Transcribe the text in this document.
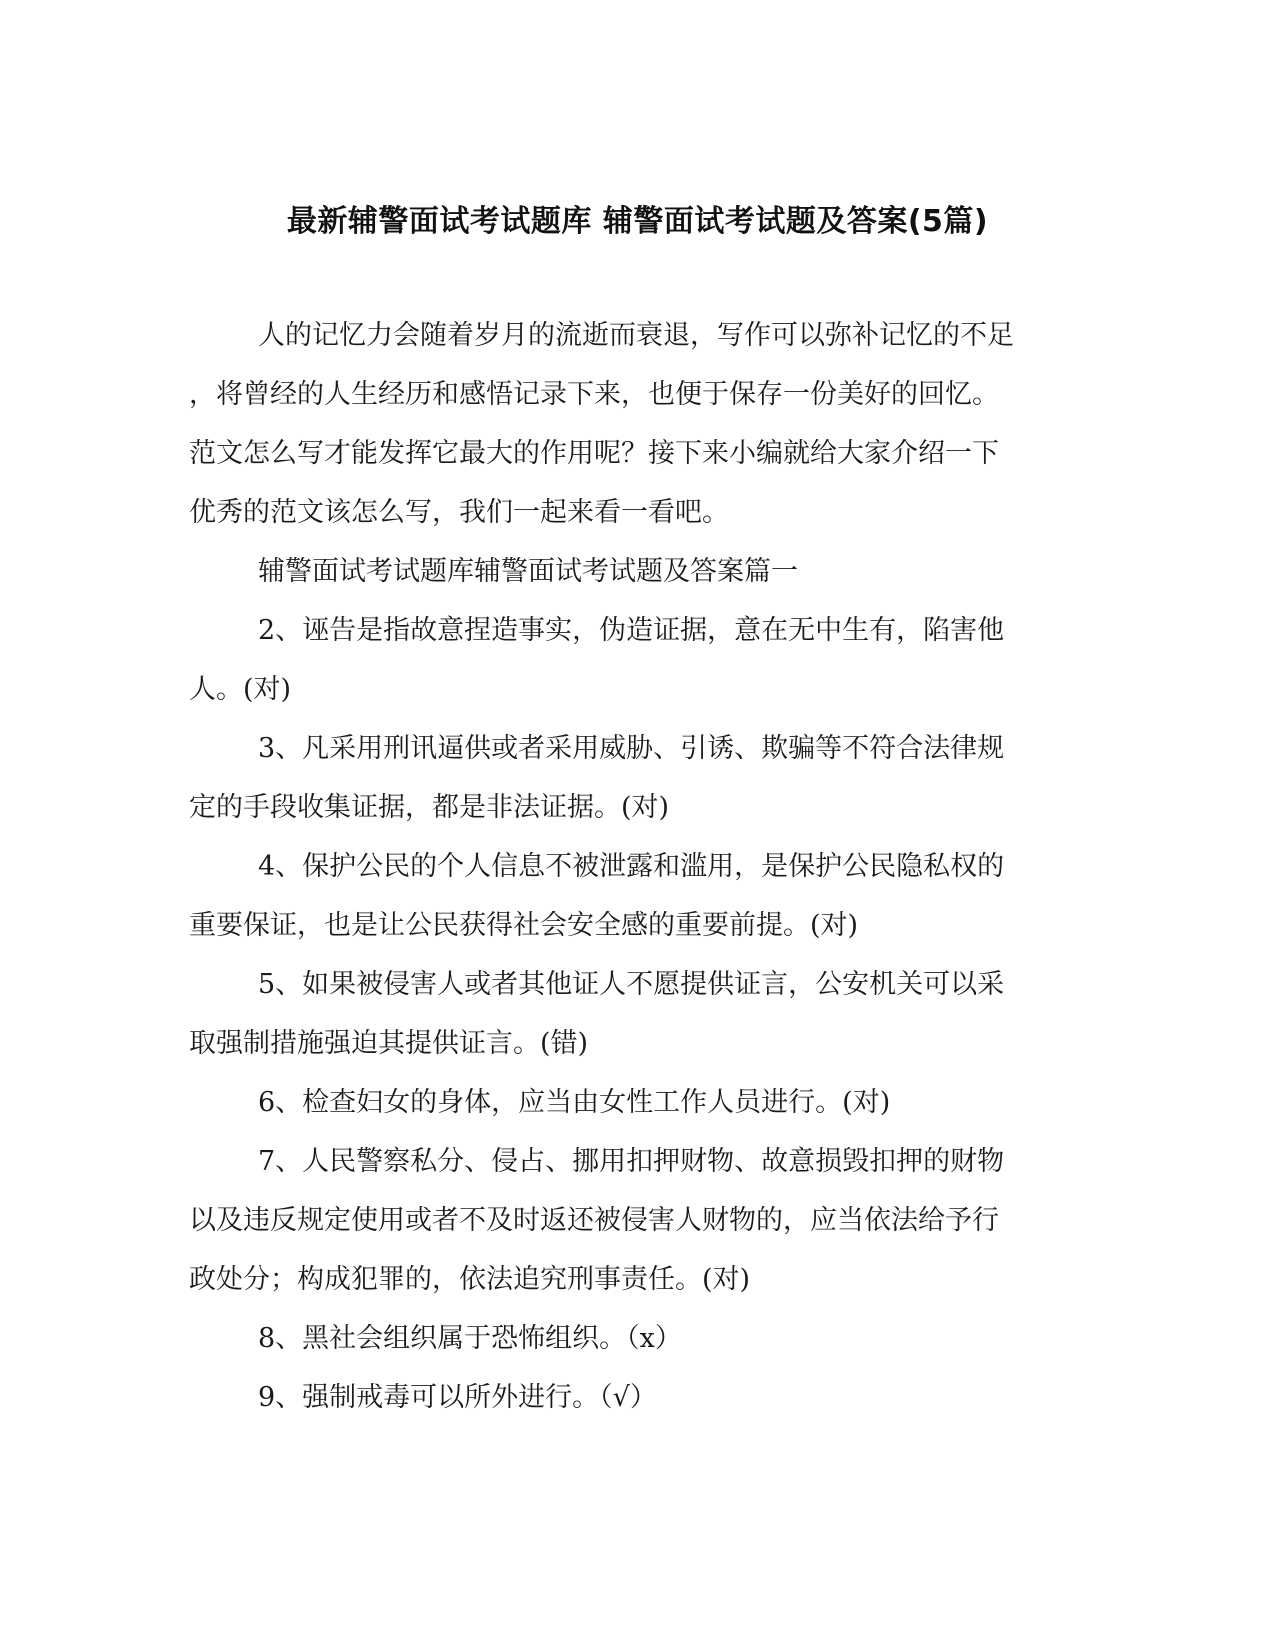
最新辅警面试考试题库 辅警面试考试题及答案(5篇)
人的记忆力会随着岁月的流逝而衰退，写作可以弥补记忆的不足
，将曾经的人生经历和感悟记录下来，也便于保存一份美好的回忆。
范文怎么写才能发挥它最大的作用呢？接下来小编就给大家介绍一下
优秀的范文该怎么写，我们一起来看一看吧。
辅警面试考试题库辅警面试考试题及答案篇一
2、诬告是指故意捏造事实，伪造证据，意在无中生有，陷害他
人。(对)
3、凡采用刑讯逼供或者采用威胁、引诱、欺骗等不符合法律规
定的手段收集证据，都是非法证据。(对)
4、保护公民的个人信息不被泄露和滥用，是保护公民隐私权的
重要保证，也是让公民获得社会安全感的重要前提。(对)
5、如果被侵害人或者其他证人不愿提供证言，公安机关可以采
取强制措施强迫其提供证言。(错)
6、检查妇女的身体，应当由女性工作人员进行。(对)
7、人民警察私分、侵占、挪用扣押财物、故意损毁扣押的财物
以及违反规定使用或者不及时返还被侵害人财物的，应当依法给予行
政处分；构成犯罪的，依法追究刑事责任。(对)
8、黑社会组织属于恐怖组织。（x）
9、强制戒毒可以所外进行。（√）
